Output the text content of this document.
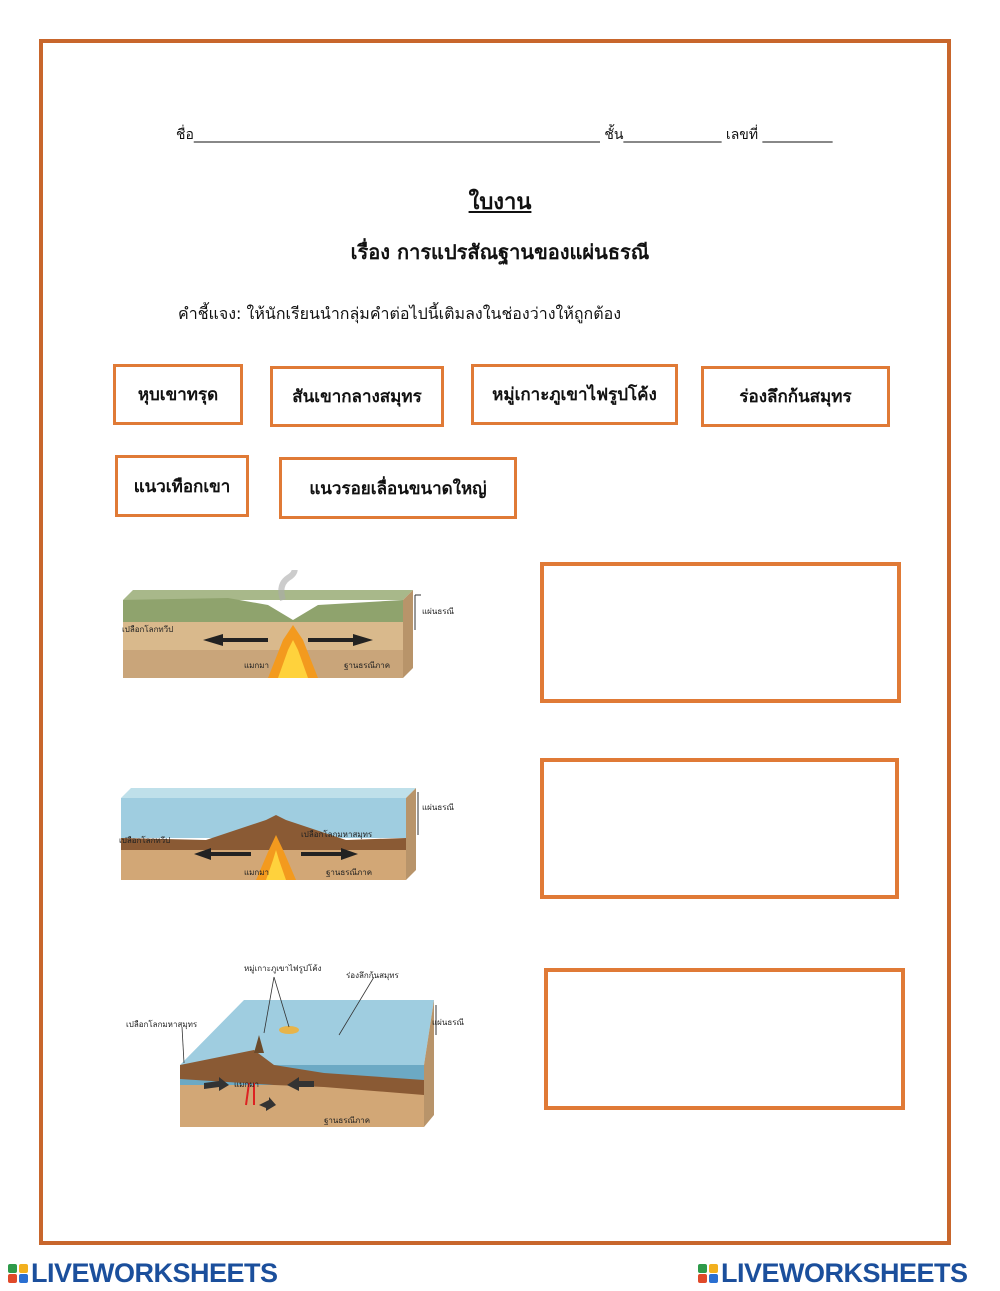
ชื่อ__________________________________________________________ ชั้น______________ เลขที่ __________
ใบงาน
เรื่อง การแปรสัณฐานของแผ่นธรณี
คำชี้แจง: ให้นักเรียนนำกลุ่มคำต่อไปนี้เติมลงในช่องว่างให้ถูกต้อง
หุบเขาทรุด	สันเขากลางสมุทร	หมู่เกาะภูเขาไฟรูปโค้ง	ร่องลึกก้นสมุทร
แนวเทือกเขา	แนวรอยเลื่อนขนาดใหญ่
แผ่นธรณี
เปลือกโลกทวีป
แมกมา	ฐานธรณีภาค
แผ่นธรณี
เปลือกโลกทวีป
เปลือกโลกมหาสมุทร
แมกมา	ฐานธรณีภาค
หมู่เกาะภูเขาไฟรูปโค้ง
ร่องลึกก้นสมุทร
เปลือกโลกมหาสมุทร	แผ่นธรณี
แมกมา
ฐานธรณีภาค
LIVEWORKSHEETS	LIVEWORKSHEETS
